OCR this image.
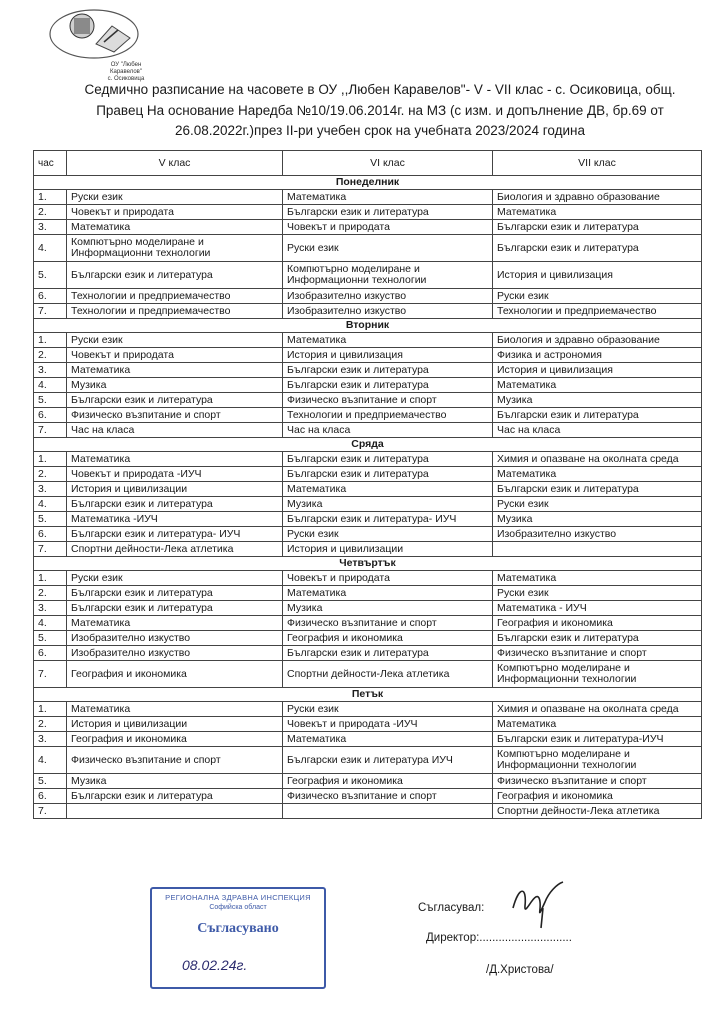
ОУ "Любен Каравелов"
с. Осиковица
Седмично разписание на часовете в ОУ ,,Любен Каравелов"- V - VII клас - с. Осиковица, общ.
Правец На основание Наредба №10/19.06.2014г. на МЗ (с изм. и допълнение ДВ, бр.69 от
26.08.2022г.)през II-ри учебен срок на учебната 2023/2024 година
час	V клас	VI клас	VII клас
Понеделник			
1.	Руски език	Математика	Биология и здравно образование
2.	Човекът и природата	Български език и литература	Математика
3.	Математика	Човекът и природата	Български език и литература
4.	Компютърно моделиране и Информационни технологии	Руски език	Български език и литература
5.	Български език и литература	Компютърно моделиране и Информационни технологии	История и цивилизация
6.	Технологии и предприемачество	Изобразително изкуство	Руски език
7.	Технологии и предприемачество	Изобразително изкуство	Технологии и предприемачество
Вторник			
1.	Руски език	Математика	Биология и здравно образование
2.	Човекът и природата	История и цивилизация	Физика и астрономия
3.	Математика	Български език и литература	История и цивилизация
4.	Музика	Български език и литература	Математика
5.	Български език и литература	Физическо възпитание и спорт	Музика
6.	Физическо възпитание и спорт	Технологии и предприемачество	Български език и литература
7.	Час на класа	Час на класа	Час на класа
Сряда			
1.	Математика	Български език и литература	Химия и опазване на околната среда
2.	Човекът и природата -ИУЧ	Български език и литература	Математика
3.	История и цивилизации	Математика	Български език и литература
4.	Български език и литература	Музика	Руски език
5.	Математика -ИУЧ	Български език и литература- ИУЧ	Музика
6.	Български език и литература- ИУЧ	Руски език	Изобразително изкуство
7.	Спортни дейности-Лека атлетика	История и цивилизации	
Четвъртък			
1.	Руски език	Човекът и природата	Математика
2.	Български език и литература	Математика	Руски език
3.	Български език и литература	Музика	Математика - ИУЧ
4.	Математика	Физическо възпитание и спорт	География и икономика
5.	Изобразително изкуство	География и икономика	Български език и литература
6.	Изобразително изкуство	Български език и литература	Физическо възпитание и спорт
7.	География и икономика	Спортни дейности-Лека атлетика	Компютърно моделиране и Информационни технологии
Петък			
1.	Математика	Руски език	Химия и опазване на околната среда
2.	История и цивилизации	Човекът и природата -ИУЧ	Математика
3.	География и икономика	Математика	Български език и литература-ИУЧ
4.	Физическо възпитание и спорт	Български език и литература ИУЧ	Компютърно моделиране и Информационни технологии
5.	Музика	География и икономика	Физическо възпитание и спорт
6.	Български език и литература	Физическо възпитание и спорт	География и икономика
7.			Спортни дейности-Лека атлетика
Съгласувал:
Директор:.............................
/Д.Христова/
РЕГИОНАЛНА ЗДРАВНА ИНСПЕКЦИЯ
Софийска област
Съгласувано
08.02.24г.
